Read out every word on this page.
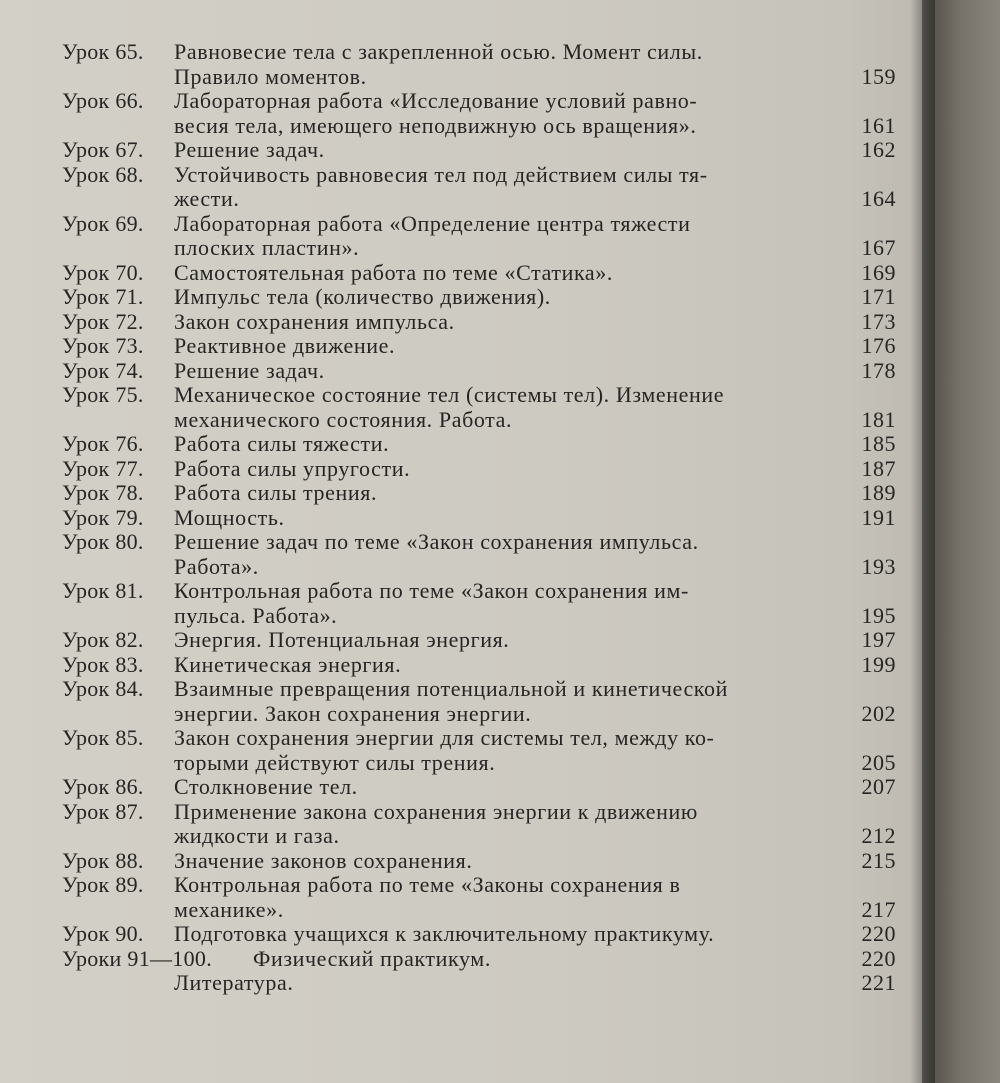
Урок 65. Равновесие тела с закрепленной осью. Момент силы.
Правило моментов.	159
Урок 66. Лабораторная работа «Исследование условий равно-
весия тела, имеющего неподвижную ось вращения».	161
Урок 67. Решение задач.	162
Урок 68. Устойчивость равновесия тел под действием силы тя-
жести.	164
Урок 69. Лабораторная работа «Определение центра тяжести
плоских пластин».	167
Урок 70. Самостоятельная работа по теме «Статика».	169
Урок 71. Импульс тела (количество движения).	171
Урок 72. Закон сохранения импульса.	173
Урок 73. Реактивное движение.	176
Урок 74. Решение задач.	178
Урок 75. Механическое состояние тел (системы тел). Изменение
механического состояния. Работа.	181
Урок 76. Работа силы тяжести.	185
Урок 77. Работа силы упругости.	187
Урок 78. Работа силы трения.	189
Урок 79. Мощность.	191
Урок 80. Решение задач по теме «Закон сохранения импульса.
Работа».	193
Урок 81. Контрольная работа по теме «Закон сохранения им-
пульса. Работа».	195
Урок 82. Энергия. Потенциальная энергия.	197
Урок 83. Кинетическая энергия.	199
Урок 84. Взаимные превращения потенциальной и кинетической
энергии. Закон сохранения энергии.	202
Урок 85. Закон сохранения энергии для системы тел, между ко-
торыми действуют силы трения.	205
Урок 86. Столкновение тел.	207
Урок 87. Применение закона сохранения энергии к движению
жидкости и газа.	212
Урок 88. Значение законов сохранения.	215
Урок 89. Контрольная работа по теме «Законы сохранения в
механике».	217
Урок 90. Подготовка учащихся к заключительному практикуму.	220
Уроки 91—100. Физический практикум.	220
Литература.	221
